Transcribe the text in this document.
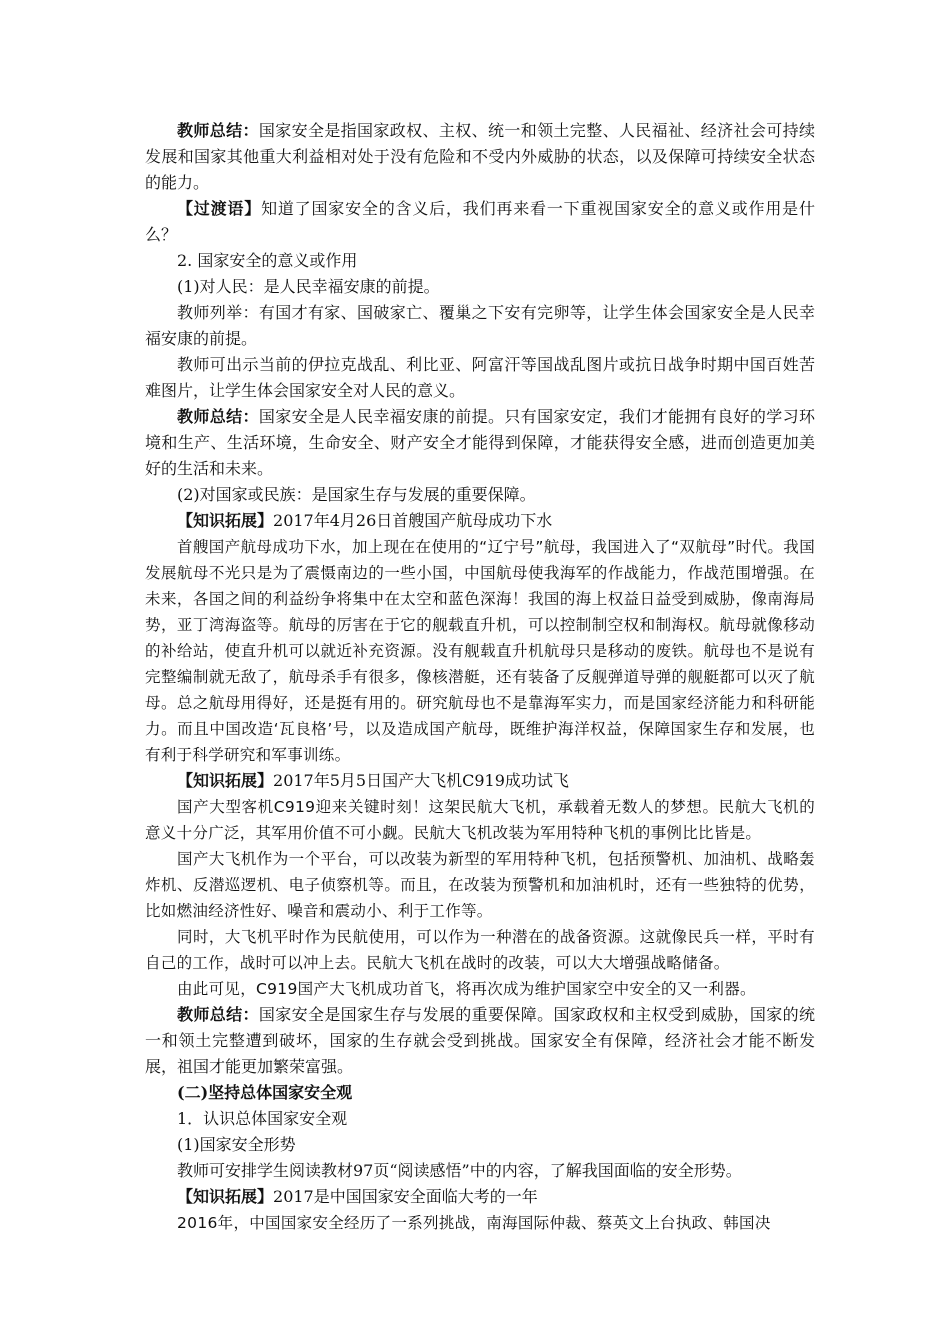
教师总结：国家安全是指国家政权、主权、统一和领土完整、人民福祉、经济社会可持续发展和国家其他重大利益相对处于没有危险和不受内外威胁的状态，以及保障可持续安全状态的能力。

【过渡语】知道了国家安全的含义后，我们再来看一下重视国家安全的意义或作用是什么？

2. 国家安全的意义或作用

(1)对人民：是人民幸福安康的前提。

教师列举：有国才有家、国破家亡、覆巢之下安有完卵等，让学生体会国家安全是人民幸福安康的前提。

教师可出示当前的伊拉克战乱、利比亚、阿富汗等国战乱图片或抗日战争时期中国百姓苦难图片，让学生体会国家安全对人民的意义。

教师总结：国家安全是人民幸福安康的前提。只有国家安定，我们才能拥有良好的学习环境和生产、生活环境，生命安全、财产安全才能得到保障，才能获得安全感，进而创造更加美好的生活和未来。

(2)对国家或民族：是国家生存与发展的重要保障。

【知识拓展】2017年4月26日首艘国产航母成功下水

首艘国产航母成功下水，加上现在在使用的“辽宁号”航母，我国进入了“双航母”时代。我国发展航母不光只是为了震慑南边的一些小国，中国航母使我海军的作战能力，作战范围增强。在未来，各国之间的利益纷争将集中在太空和蓝色深海！我国的海上权益日益受到威胁，像南海局势，亚丁湾海盗等。航母的厉害在于它的舰载直升机，可以控制制空权和制海权。航母就像移动的补给站，使直升机可以就近补充资源。没有舰载直升机航母只是移动的废铁。航母也不是说有完整编制就无敌了，航母杀手有很多，像核潜艇，还有装备了反舰弹道导弹的舰艇都可以灭了航母。总之航母用得好，还是挺有用的。研究航母也不是靠海军实力，而是国家经济能力和科研能力。而且中国改造‘瓦良格’号，以及造成国产航母，既维护海洋权益，保障国家生存和发展，也有利于科学研究和军事训练。

【知识拓展】2017年5月5日国产大飞机C919成功试飞

国产大型客机C919迎来关键时刻！这架民航大飞机，承载着无数人的梦想。民航大飞机的意义十分广泛，其军用价值不可小觑。民航大飞机改装为军用特种飞机的事例比比皆是。

国产大飞机作为一个平台，可以改装为新型的军用特种飞机，包括预警机、加油机、战略轰炸机、反潜巡逻机、电子侦察机等。而且，在改装为预警机和加油机时，还有一些独特的优势，比如燃油经济性好、噪音和震动小、利于工作等。

同时，大飞机平时作为民航使用，可以作为一种潜在的战备资源。这就像民兵一样，平时有自己的工作，战时可以冲上去。民航大飞机在战时的改装，可以大大增强战略储备。

由此可见，C919国产大飞机成功首飞，将再次成为维护国家空中安全的又一利器。

教师总结：国家安全是国家生存与发展的重要保障。国家政权和主权受到威胁，国家的统一和领土完整遭到破坏，国家的生存就会受到挑战。国家安全有保障，经济社会才能不断发展，祖国才能更加繁荣富强。

(二)坚持总体国家安全观

1．认识总体国家安全观

(1)国家安全形势

教师可安排学生阅读教材97页“阅读感悟”中的内容，了解我国面临的安全形势。

【知识拓展】2017是中国国家安全面临大考的一年

2016年，中国国家安全经历了一系列挑战，南海国际仲裁、蔡英文上台执政、韩国决
